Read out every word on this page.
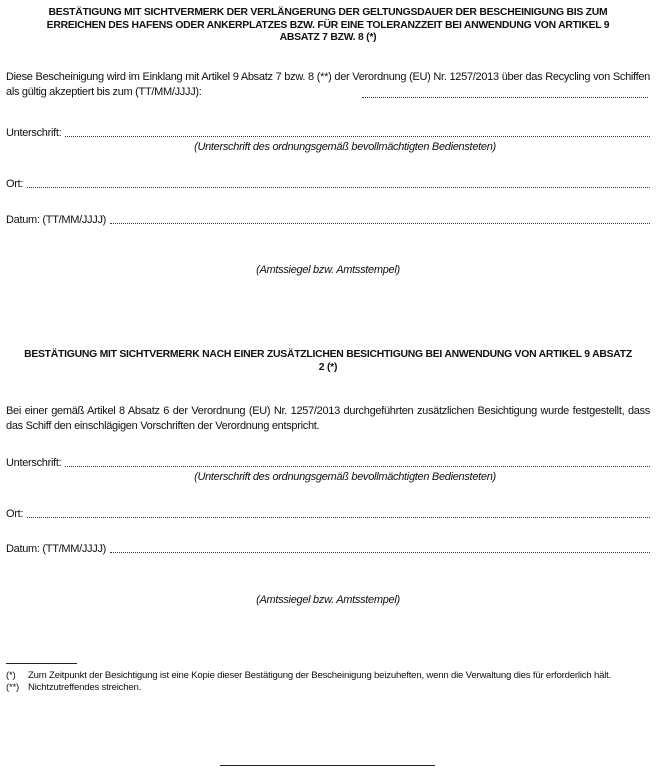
BESTÄTIGUNG MIT SICHTVERMERK DER VERLÄNGERUNG DER GELTUNGSDAUER DER BESCHEINIGUNG BIS ZUM ERREICHEN DES HAFENS ODER ANKERPLATZES BZW. FÜR EINE TOLERANZZEIT BEI ANWENDUNG VON ARTIKEL 9 ABSATZ 7 BZW. 8 (*)
Diese Bescheinigung wird im Einklang mit Artikel 9 Absatz 7 bzw. 8 (**) der Verordnung (EU) Nr. 1257/2013 über das Recycling von Schiffen als gültig akzeptiert bis zum (TT/MM/JJJJ):
Unterschrift:
(Unterschrift des ordnungsgemäß bevollmächtigten Bediensteten)
Ort:
Datum: (TT/MM/JJJJ)
(Amtssiegel bzw. Amtsstempel)
BESTÄTIGUNG MIT SICHTVERMERK NACH EINER ZUSÄTZLICHEN BESICHTIGUNG BEI ANWENDUNG VON ARTIKEL 9 ABSATZ 2 (*)
Bei einer gemäß Artikel 8 Absatz 6 der Verordnung (EU) Nr. 1257/2013 durchgeführten zusätzlichen Besichtigung wurde festgestellt, dass das Schiff den einschlägigen Vorschriften der Verordnung entspricht.
Unterschrift:
(Unterschrift des ordnungsgemäß bevollmächtigten Bediensteten)
Ort:
Datum: (TT/MM/JJJJ)
(Amtssiegel bzw. Amtsstempel)
(*)	Zum Zeitpunkt der Besichtigung ist eine Kopie dieser Bestätigung der Bescheinigung beizuheften, wenn die Verwaltung dies für erforderlich hält.
(**) Nichtzutreffendes streichen.
